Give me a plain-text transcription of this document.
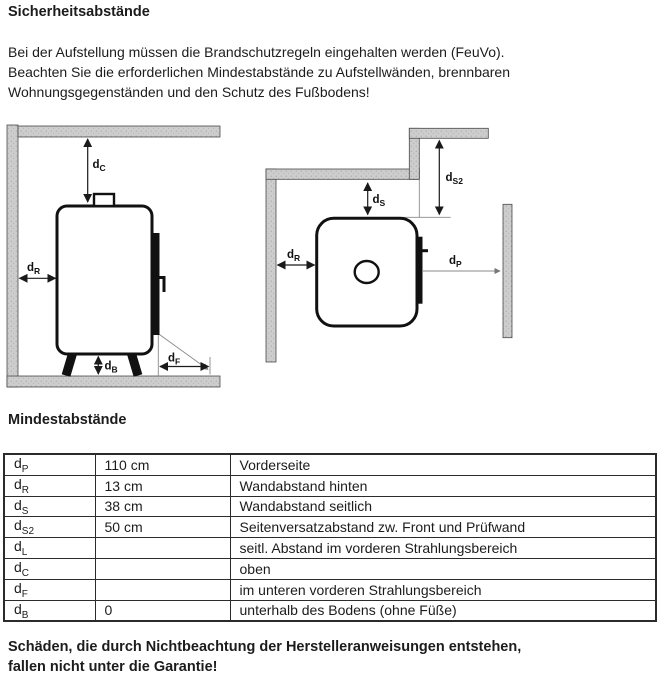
Sicherheitsabstände
Bei der Aufstellung müssen die Brandschutzregeln eingehalten werden (FeuVo).
Beachten Sie die erforderlichen Mindestabstände zu Aufstellwänden, brennbaren
Wohnungsgegenständen und den Schutz des Fußbodens!
$d_C$
$d_R$
$d_B$
$d_F$
$d_S$
$d_{S2}$
$d_R$	$d_P$
Mindestabstände
$d_P$	110 cm	Vorderseite
$d_R$	13 cm	Wandabstand hinten
$d_S$	38 cm	Wandabstand seitlich
$d_{S2}$	50 cm	Seitenversatzabstand zw. Front und Prüfwand
$d_L$		seitl. Abstand im vorderen Strahlungsbereich
$d_C$		oben
$d_F$		im unteren vorderen Strahlungsbereich
$d_B$	0	unterhalb des Bodens (ohne Füße)
Schäden, die durch Nichtbeachtung der Herstelleranweisungen entstehen,
fallen nicht unter die Garantie!
